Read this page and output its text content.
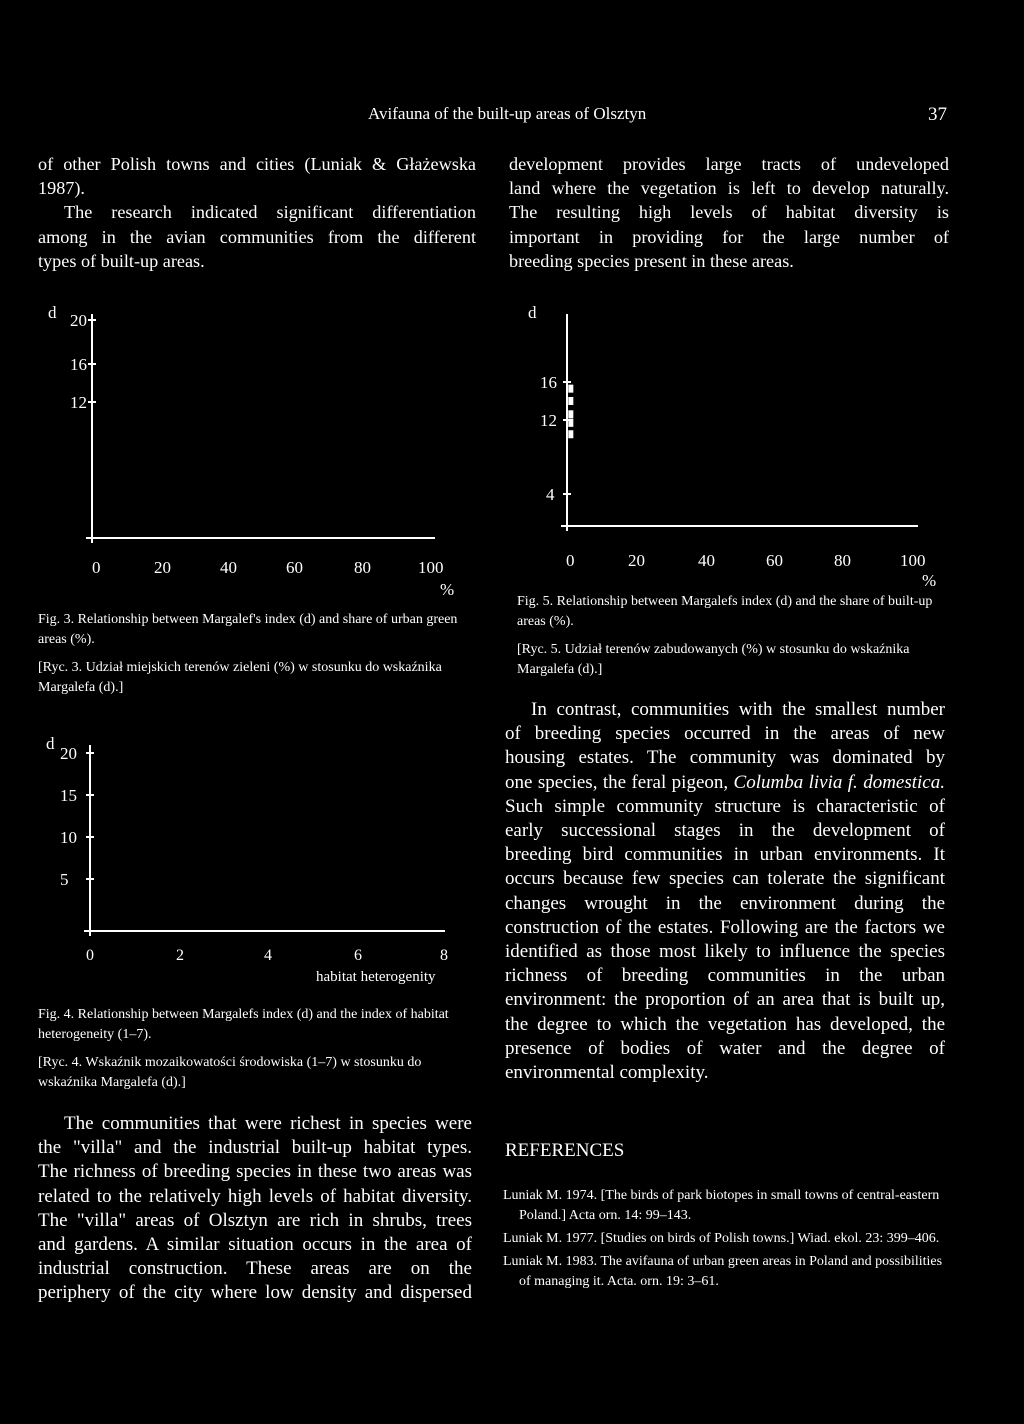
Avifauna of the built-up areas of Olsztyn	37

of other Polish towns and cities (Luniak & Głażewska

1987).

The research indicated significant differentiation

among in the avian communities from the different

types of built-up areas.

development provides large tracts of undeveloped

land where the vegetation is left to develop naturally.

The resulting high levels of habitat diversity is

important in providing for the large number of

breeding species present in these areas.

d 20
16
12
0	20	40	60	80	100
%

Fig. 3. Relationship between Margalef's index (d) and share of urban green areas (%).

[Ryc. 3. Udział miejskich terenów zieleni (%) w stosunku do wskaźnika Margalefa (d).]

d
20
15
10
5
0	2	4	6	8
habitat heterogenity

Fig. 4. Relationship between Margalefs index (d) and the index of habitat heterogeneity (1–7).

[Ryc. 4. Wskaźnik mozaikowatości środowiska (1–7) w stosunku do wskaźnika Margalefa (d).]

d
16
12
4
0	20	40	60	80	100
%

Fig. 5. Relationship between Margalefs index (d) and the share of built-up areas (%).

[Ryc. 5. Udział terenów zabudowanych (%) w stosunku do wskaźnika Margalefa (d).]

The communities that were richest in species were

the "villa" and the industrial built-up habitat types.

The richness of breeding species in these two areas was

related to the relatively high levels of habitat diversity.

The "villa" areas of Olsztyn are rich in shrubs, trees

and gardens. A similar situation occurs in the area of

industrial construction. These areas are on the

periphery of the city where low density and dispersed

In contrast, communities with the smallest number

of breeding species occurred in the areas of new

housing estates. The community was dominated by

one species, the feral pigeon, Columba livia f. domestica.

Such simple community structure is characteristic of

early successional stages in the development of

breeding bird communities in urban environments. It

occurs because few species can tolerate the significant

changes wrought in the environment during the

construction of the estates. Following are the factors we

identified as those most likely to influence the species

richness of breeding communities in the urban

environment: the proportion of an area that is built up,

the degree to which the vegetation has developed, the

presence of bodies of water and the degree of

environmental complexity.

REFERENCES

Luniak M. 1974. [The birds of park biotopes in small towns of central-eastern Poland.] Acta orn. 14: 99–143.

Luniak M. 1977. [Studies on birds of Polish towns.] Wiad. ekol. 23: 399–406.

Luniak M. 1983. The avifauna of urban green areas in Poland and possibilities of managing it. Acta. orn. 19: 3–61.
